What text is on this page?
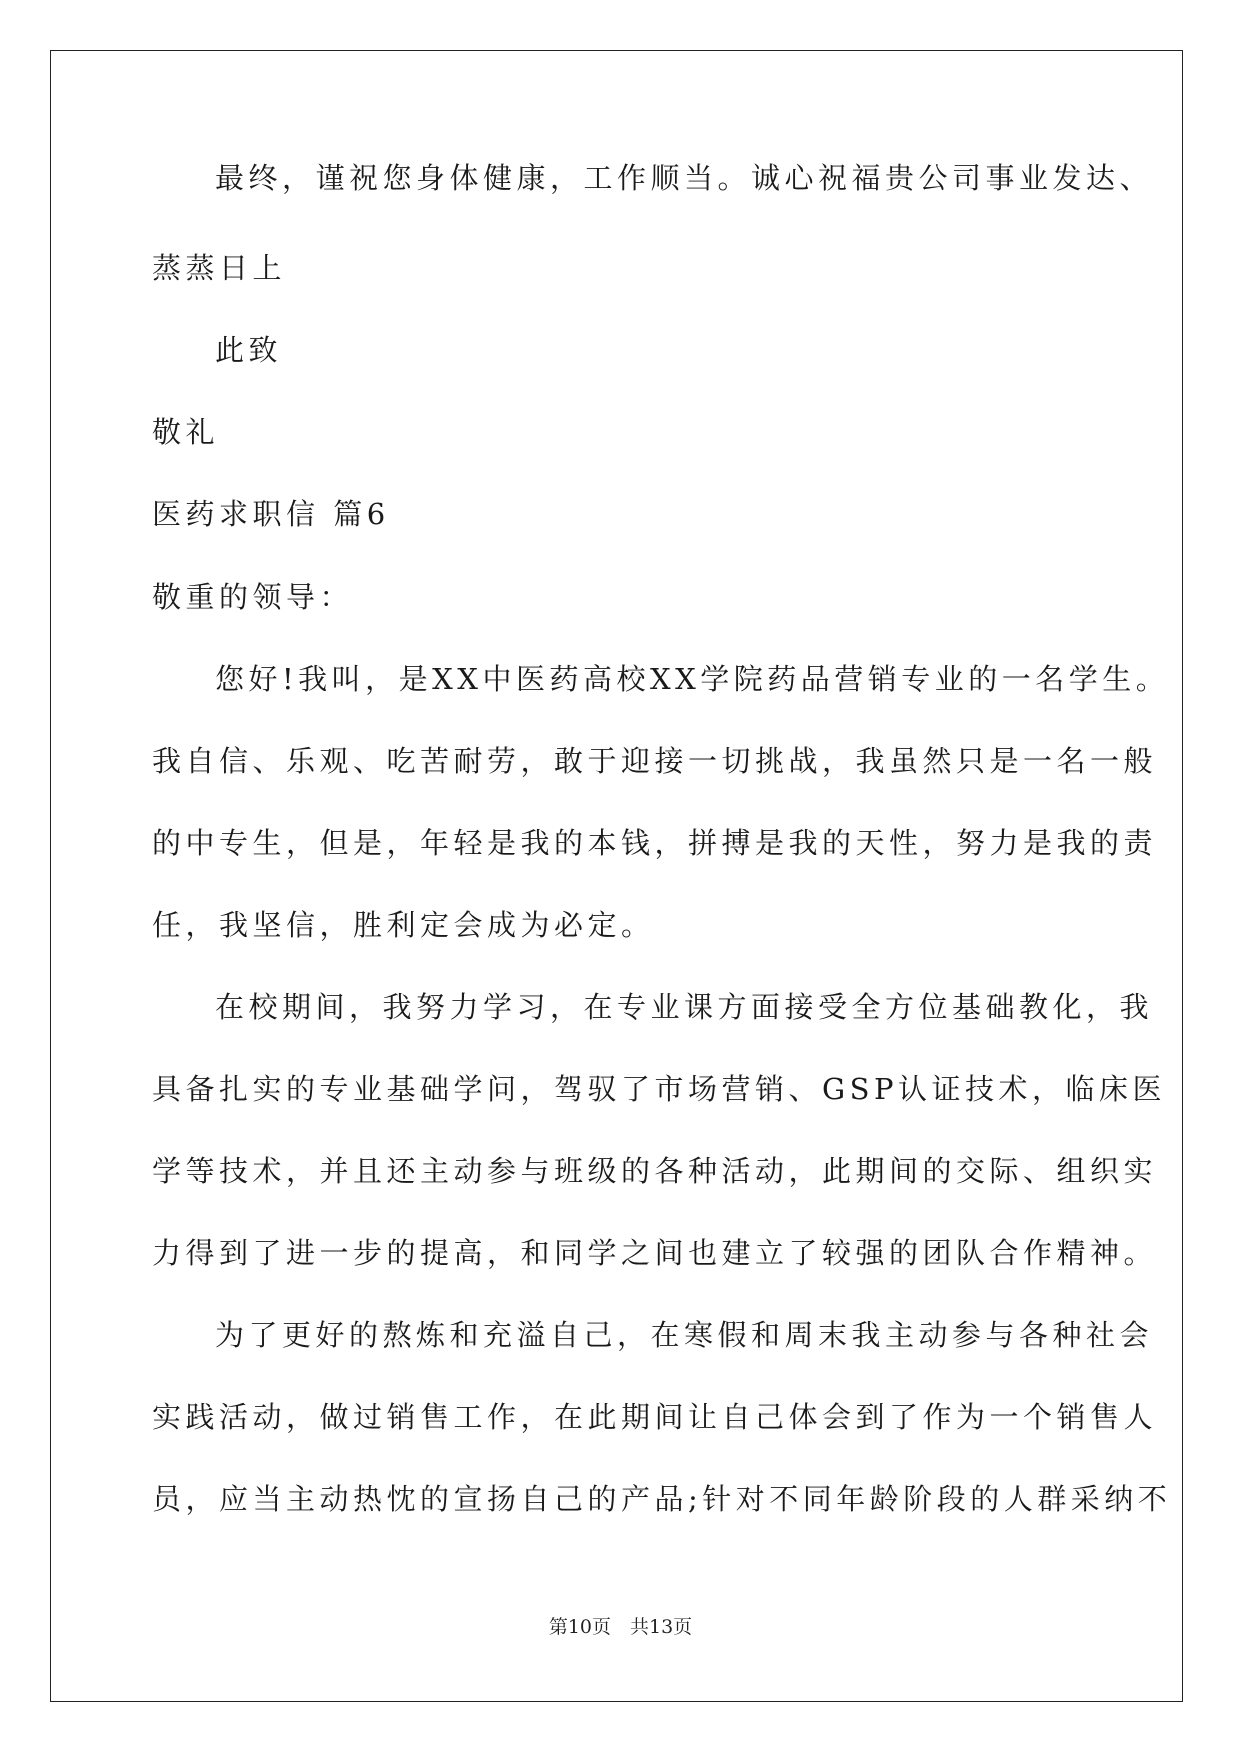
最终，谨祝您身体健康，工作顺当。诚心祝福贵公司事业发达、
蒸蒸日上
此致
敬礼
医药求职信 篇6
敬重的领导：
您好!我叫，是XX中医药高校XX学院药品营销专业的一名学生。
我自信、乐观、吃苦耐劳，敢于迎接一切挑战，我虽然只是一名一般
的中专生，但是，年轻是我的本钱，拼搏是我的天性，努力是我的责
任，我坚信，胜利定会成为必定。
在校期间，我努力学习，在专业课方面接受全方位基础教化，我
具备扎实的专业基础学问，驾驭了市场营销、GSP认证技术，临床医
学等技术，并且还主动参与班级的各种活动，此期间的交际、组织实
力得到了进一步的提高，和同学之间也建立了较强的团队合作精神。
为了更好的熬炼和充溢自己，在寒假和周末我主动参与各种社会
实践活动，做过销售工作，在此期间让自己体会到了作为一个销售人
员，应当主动热忱的宣扬自己的产品;针对不同年龄阶段的人群采纳不
第10页　共13页
